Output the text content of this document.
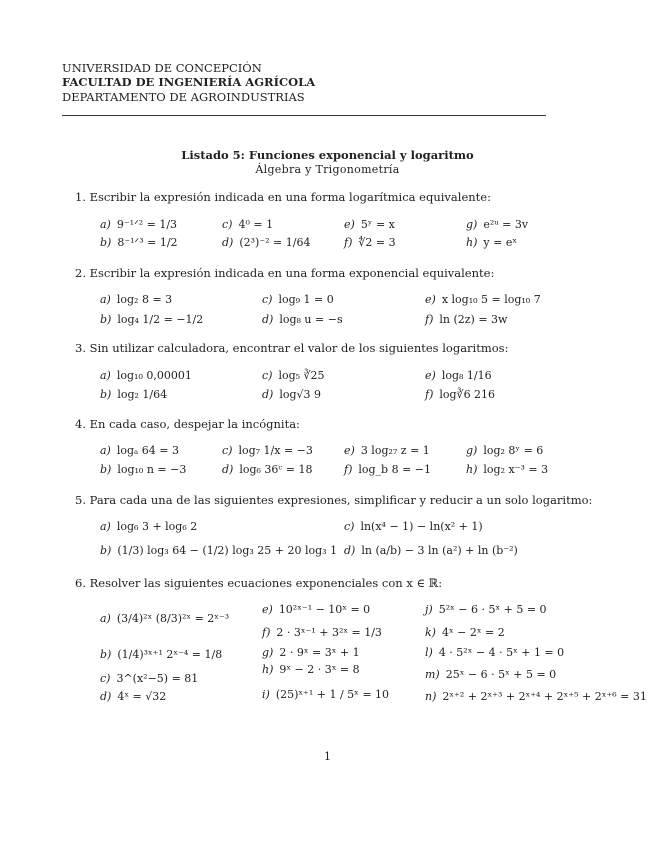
UNIVERSIDAD DE CONCEPCIÓN
FACULTAD DE INGENIERÍA AGRÍCOLA
DEPARTAMENTO DE AGROINDUSTRIAS
Listado 5: Funciones exponencial y logaritmo
Álgebra y Trigonometría
1. Escribir la expresión indicada en una forma logarítmica equivalente:
a) 9⁻¹ᐟ² = 1/3	c) 4⁰ = 1	e) 5ʸ = x	g) e²ᵘ = 3v
b) 8⁻¹ᐟ³ = 1/2	d) (2³)⁻² = 1/64	f) ∜2 = 3	h) y = eˣ
2. Escribir la expresión indicada en una forma exponencial equivalente:
a) log₂ 8 = 3	c) log₉ 1 = 0	e) x log₁₀ 5 = log₁₀ 7
b) log₄ 1/2 = −1/2	d) log₈ u = −s	f) ln (2z) = 3w
3. Sin utilizar calculadora, encontrar el valor de los siguientes logaritmos:
a) log₁₀ 0,00001	c) log₅ ∛25	e) log₈ 1/16
b) log₂ 1/64	d) log√3 9	f) log∛6 216
4. En cada caso, despejar la incógnita:
a) logₐ 64 = 3	c) log₇ 1/x = −3	e) 3 log₂₇ z = 1	g) log₂ 8ʸ = 6
b) log₁₀ n = −3	d) log₆ 36ᶜ = 18	f) log_b 8 = −1	h) log₂ x⁻³ = 3
5. Para cada una de las siguientes expresiones, simplificar y reducir a un solo logaritmo:
a) log₆ 3 + log₆ 2	c) ln(x⁴ − 1) − ln(x² + 1)
b) (1/3) log₃ 64 − (1/2) log₃ 25 + 20 log₃ 1 d) ln (a/b) − 3 ln (a²) + ln (b⁻²)
6. Resolver las siguientes ecuaciones exponenciales con x ∈ ℝ:
a) (3/4)²ˣ (8/3)²ˣ = 2ˣ⁻³
b) (1/4)³ˣ⁺¹ 2ˣ⁻⁴ = 1/8
c) 3^(x²−5) = 81
d) 4ˣ = √32
e) 10²ˣ⁻¹ − 10ˣ = 0
f) 2 · 3ˣ⁻¹ + 3²ˣ = 1/3
g) 2 · 9ˣ = 3ˣ + 1
h) 9ˣ − 2 · 3ˣ = 8
i) (25)ˣ⁺¹ + 1 / 5ˣ = 10
j) 5²ˣ − 6 · 5ˣ + 5 = 0
k) 4ˣ − 2ˣ = 2
l) 4 · 5²ˣ − 4 · 5ˣ + 1 = 0
m) 25ˣ − 6 · 5ˣ + 5 = 0
n) 2ˣ⁺² + 2ˣ⁺³ + 2ˣ⁺⁴ + 2ˣ⁺⁵ + 2ˣ⁺⁶ = 31
1
